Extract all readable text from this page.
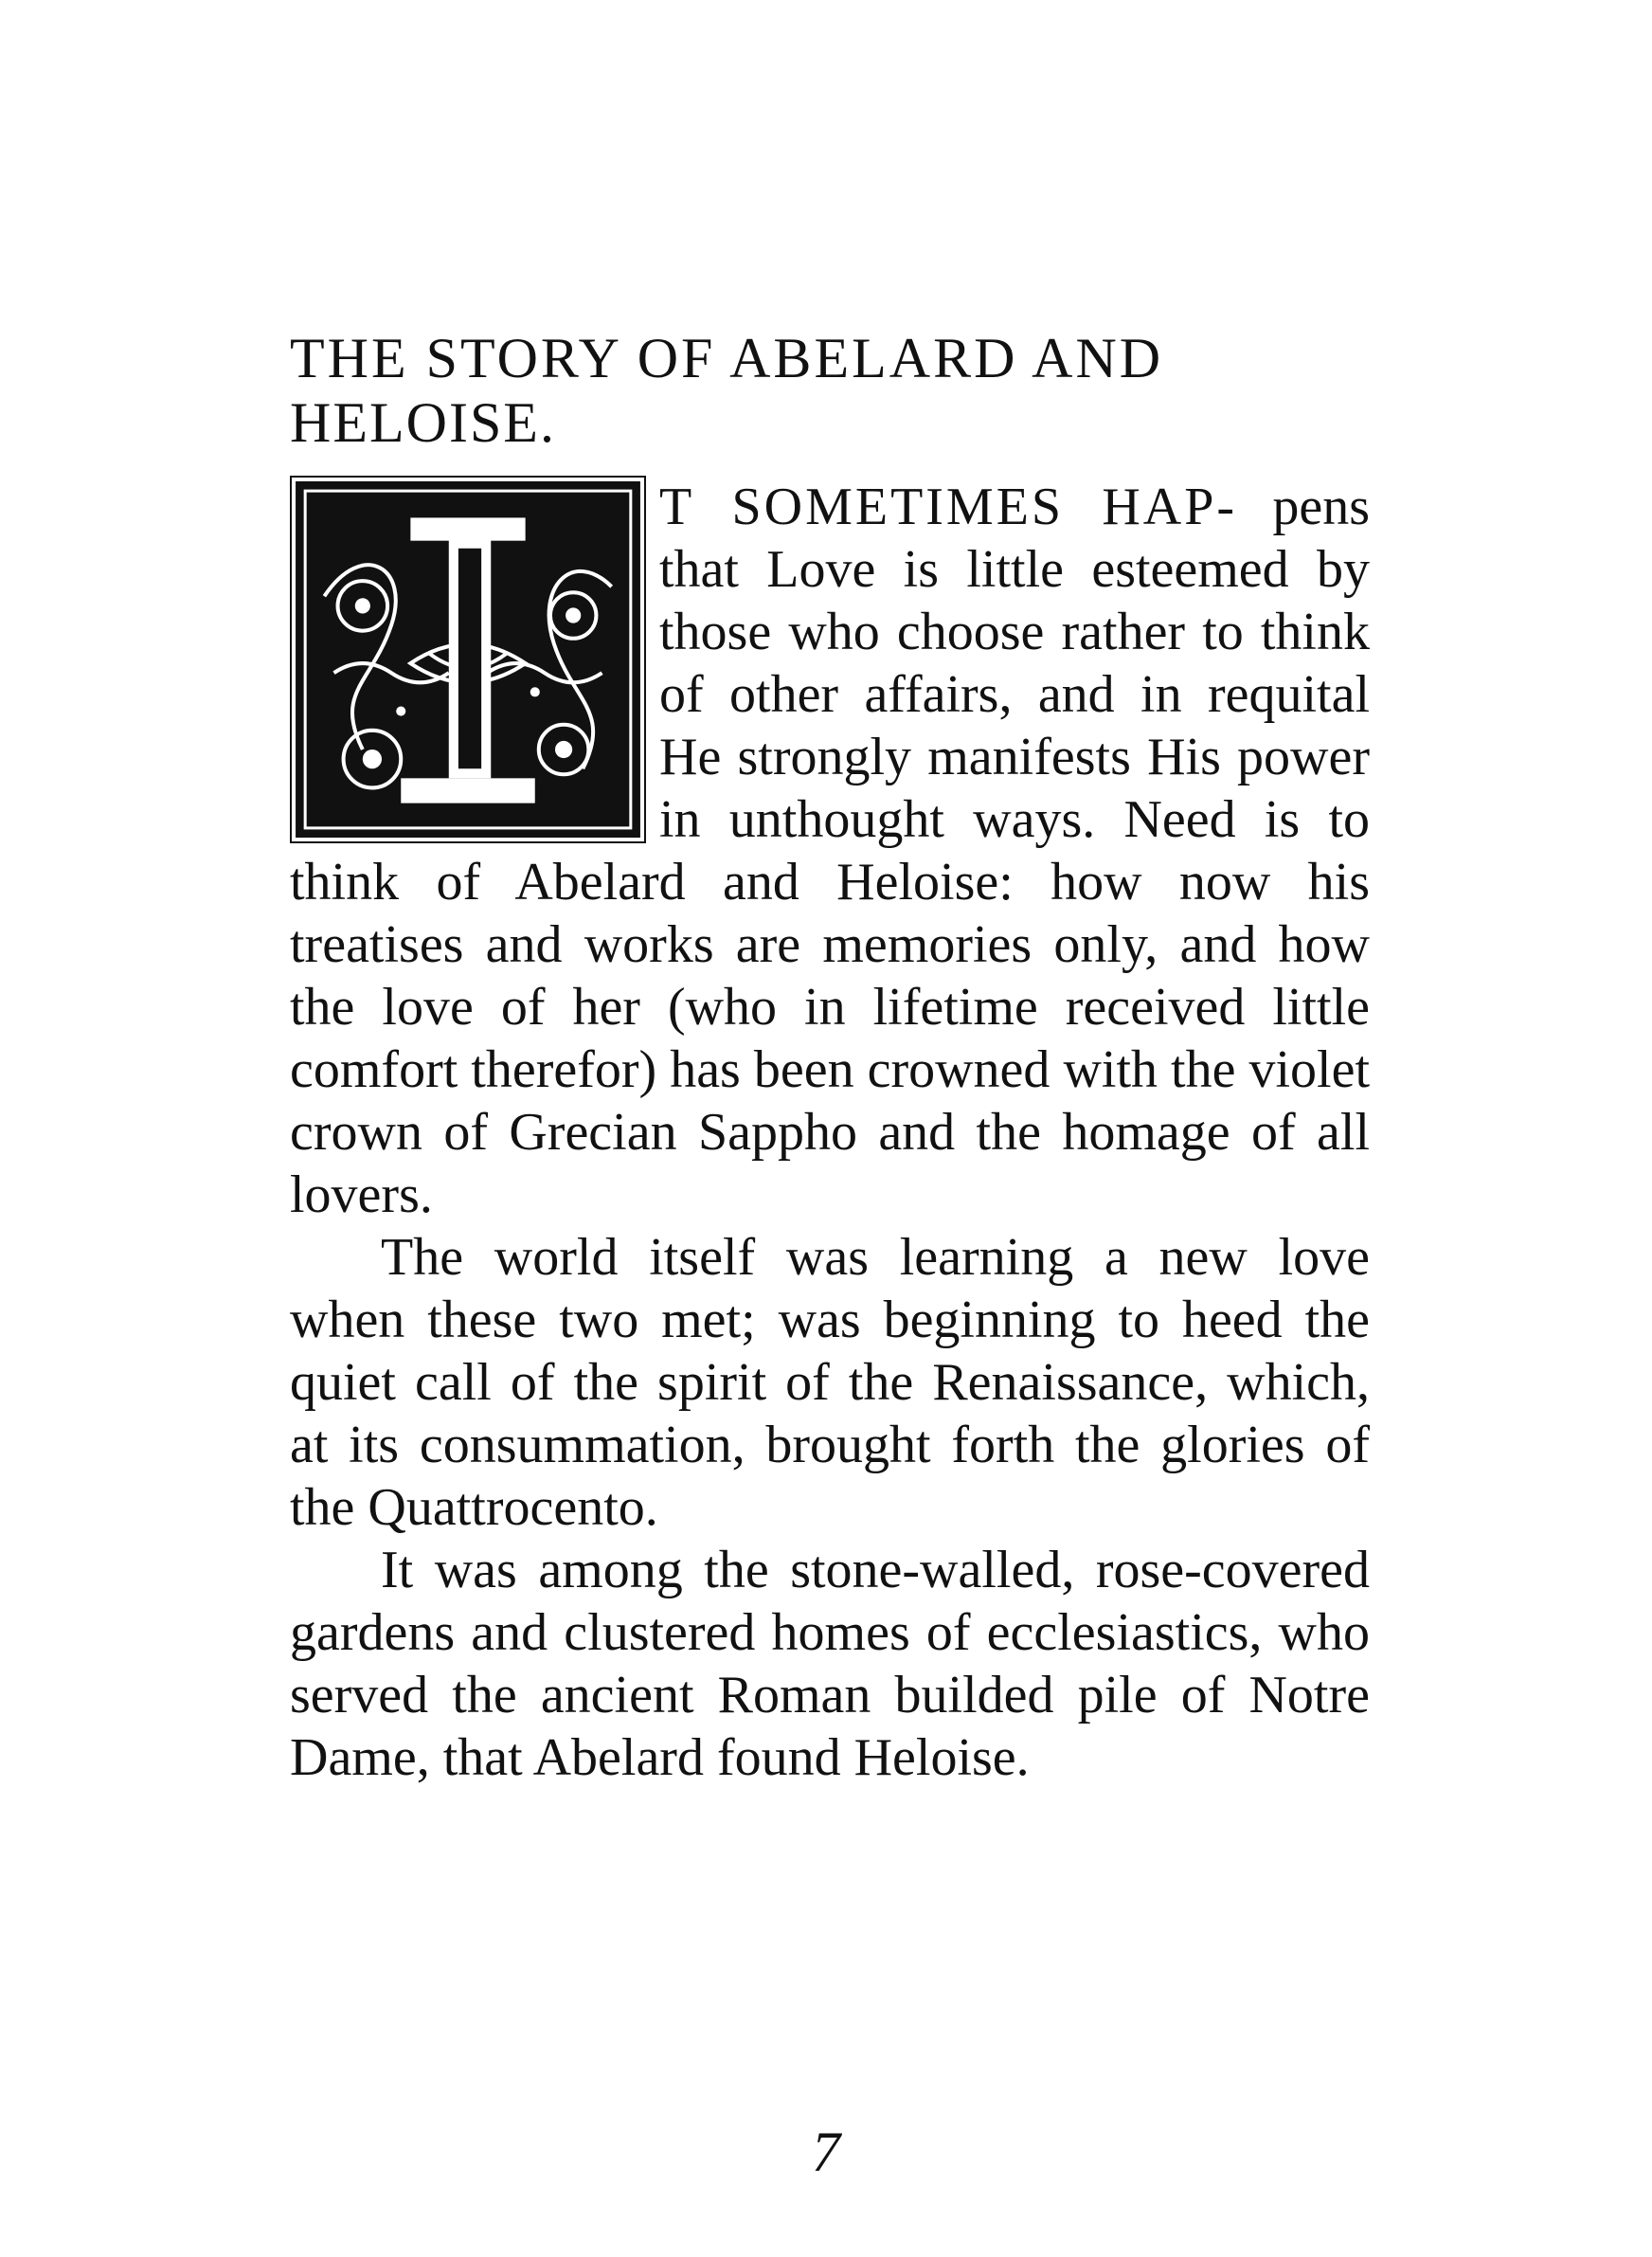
THE STORY OF ABELARD AND
HELOISE.

T SOMETIMES HAP- pens that Love is little esteemed by those who choose rather to think of other affairs, and in requital He strongly manifests His power in unthought ways. Need is to think of Abelard and Heloise: how now his treatises and works are memories only, and how the love of her (who in lifetime received little comfort therefor) has been crowned with the violet crown of Grecian Sappho and the homage of all lovers.

The world itself was learning a new love when these two met; was beginning to heed the quiet call of the spirit of the Renaissance, which, at its consummation, brought forth the glories of the Quattrocento.

It was among the stone-walled, rose-covered gardens and clustered homes of ecclesiastics, who served the ancient Roman builded pile of Notre Dame, that Abelard found Heloise.

7
